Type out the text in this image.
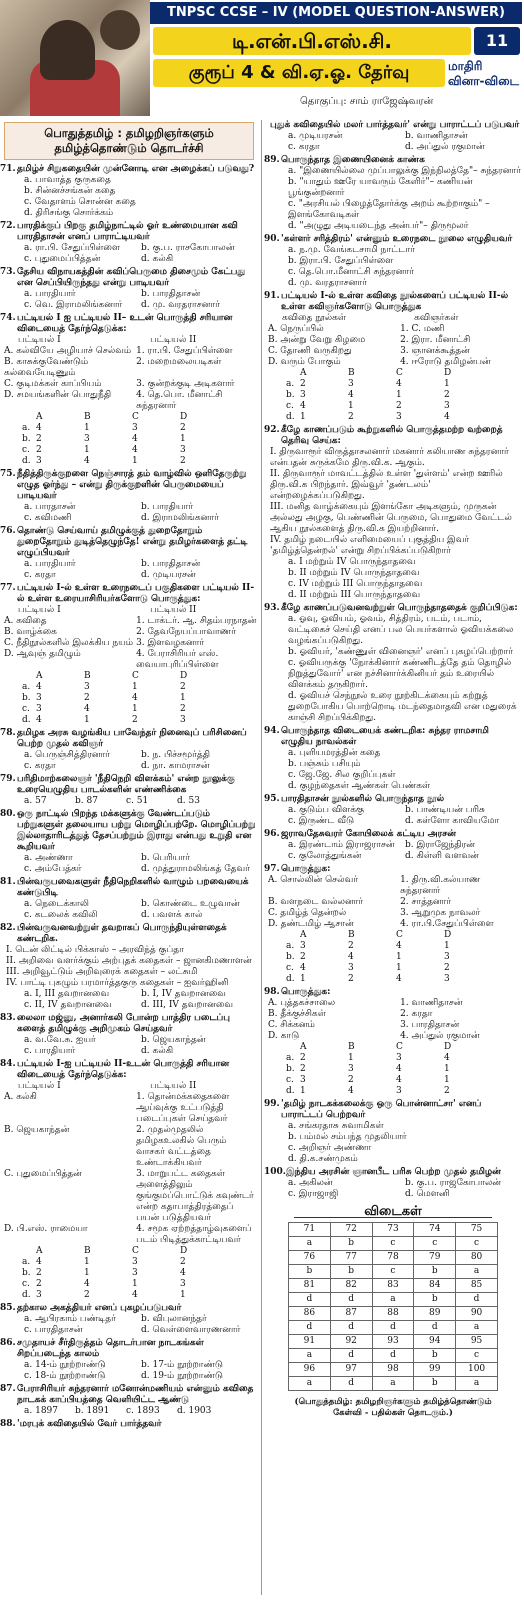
TNPSC CCSE – IV (MODEL QUESTION-ANSWER)
டி.என்.பி.எஸ்.சி.	11
குரூப் 4 & வி.ஏ.ஓ. தேர்வு	மாதிரி
வினா-விடை
தொகுப்பு: சாம் ராஜேஷ்வரன்
பொதுத்தமிழ் : தமிழறிஞர்களும் தமிழ்த்தொண்டும் தொடர்ச்சி
71. தமிழ்ச் சிறுகதையின் முன்னோடி என அழைக்கப் படுவது?
a. பாவாத்த குருகதை
b. சின்னச்சங்கன் கதை
c. வேதாளம் சொன்ன கதை
d. திரிசங்கு சொர்க்கம்
72. பாரதிக்குப் பிறகு தமிழ்நாட்டில் ஓர் உண்மையான கவி பாரதிதாசன் எனப் பாராட்டியவர்
a. ரா.பி. சேதுப்பிள்ளை	b. கு.ப. ராசகோபாலன்
c. புதுமைப்பித்தன்	d. கல்கி
73. தேசிய விநாயகத்தின் கவிப்பெருமை திசைமும் கேட்பது என செப்பியிருந்தது என்று பாடியவர்
a. பாரதியார்	b. பாரதிதாசன்
c. வெ. இராமலிங்கனார்	d. மு. வரதராசனார்
74. பட்டியல் I ஐ பட்டியல் II– உடன் பொருத்தி சரியான விடையைத் தேர்ந்தெடுக்க:
பட்டியல் I	பட்டியல் II
A. கல்வியே அழியாச் செல்வம் 1. ரா.பி. சேதுப்பிள்ளை
B. காசுக்குவேண்டும் கல்வையேடிணும்
2. மறைமலையடிகள்
C. குடிமக்கள் காப்பியம்	3. குன்றக்குடி அடிகளார்
D. சமயங்களின் பொதுநீதி	4. தெ.பொ. மீனாட்சி சுந்தரனார்
A	B	C	D
a. 4	1	3	2
b. 2	3	4	1
c. 2	1	4	3
d. 3	4	1	2
75. நீதித்திருக்குறளை நெஞ்சாரத் தம் வாழ்வில் ஒளிதேருற்று எழுத ஓர்ந்து – என்று திருக்குறளின் பெருமையைப் பாடியவர்
a. பாரதாசன்	b. பாரதியார்
c. கவிமணி	d. இராமலிங்கனார்
76. தொண்டு செய்வாய் தமிழுக்குத் துறைதோறும் துறைதோறும் துடித்தெழுந்தே! என்று தமிழர்களைத் தட்டி எழுப்பியவர்
a. பாரதியார்	b. பாரதிதாசன்
c. கரதா	d. முடியரசன்
77. பட்டியல் I-ல் உள்ள உரைநடைப் பகுதிகளை பட்டியல் II-ல் உள்ள உரையாசிரியர்களோடு பொருத்துக:
பட்டியல் I	பட்டியல் II
A. கவிதை	1. டாக்டர். ஆ. சிதம்பரநாதன்
B. வாழ்க்கை	2. தேவநேயப்பாவாணர்
C. நீதிநூல்களில் இலக்கிய நயம் 3. இளவழகனார்
D. ஆவுஞ் தமிழும்	4. பேராசிரியர் எஸ். வையாபுரிப்பிள்ளை
A	B	C	D
a. 4	3	1	2
b. 3	2	4	1
c. 3	4	1	2
d. 4	1	2	3
78. தமிழக அரசு வழங்கிய பாவேந்தர் நினைவுப் பரிசினைப் பெற்ற முதல் கவிஞர்
a. பெருஞ்சித்திரனார்	b. ந. பிச்சமூர்த்தி
c. கரதா	d. நா. காமராசன்
79. பரிதிமாற்கலைஞர் 'நீதிநெறி விளக்கம்' என்ற நூலுக்கு உரையெழுதிய பாடல்களின் எண்ணிக்கை
a. 57	b. 87	c. 51	d. 53
80. ஒரு நாட்டில் பிறந்த மக்களுக்கு வேண்டப்படும் பற்றுகளுள் தலையாய பற்று மொழிப்பற்றே. மொழிப்பற்று இல்லாதாரிடத்துத் தேசப்பற்றும் இராது என்பது உறுதி என கூறியவர்
a. அண்ணா	b. பெரியார்
c. அம்பேத்கர்	d. முத்துராமலிங்கத் தேவர்
81. பின்வருபவைகளுள் நீதிநெறிகளில் வாழும் பறவையைக் கண்டுபிடி
a. நெடைக்காலி	b. கொண்டை உழுவான்
c. கடலைக் கவிலி	d. பவளக் கால்
82. பின்வருவனவற்றுள் தவறாகப் பொருந்தியுள்ளதைக் கண்டறிக.
I. டென் லிட்டில் பிக்காஸ் – அரவிந்த் குப்தா
II. அறிவை வளர்க்கும் அற்புதக் கதைகள் – ஜானகிமணாளன்
III. அறிவூட்டும் அறிவுரைக் கதைகள் – லட்சுமி
IV. பாட்டி புகழும் பரமார்த்தகுரு கதைகள் – ஐவர்ஹினி
a. I, III தவறானவை	b. I, IV தவறானவை
c. II, IV தவறானவை	d. III, IV தவறானவை
83. லைலா மஜ்னு, அனார்கலி போன்ற பாத்திர படைப்பு களைத் தமிழுக்கு அறிமுகம் செய்தவர்
a. வ.வே.சு. ஐயர்	b. ஜெயகாந்தன்
c. பாரதியார்	d. கல்கி
84. பட்டியல் I-ஐ பட்டியல் II-உடன் பொருத்தி சரியான விடையைத் தேர்ந்தெடுக்க:
பட்டியல் I	பட்டியல் II
A. கல்கி	1. தொன்மக்கதைகளை ஆய்வுக்கு உட்படுத்தி படைப்புகள் செய்தவர்
B. ஜெயகாந்தன்	2. முதல்முதலில் தமிழகஉலகில் பெரும் வாசகர் வட்டத்தை உண்டாக்கியவர்
C. புதுமைப்பித்தன்	3. மாறுபட்ட கதைகள் அளைத்திலும் குங்குமப்பொட்டுக் கவுண்டர் என்ற கதாபாத்திரத்தைப் பயன் படுத்தியவர்
D. பி.எஸ். ராமையா	4. சமூக ஏற்றத்தாழ்வுகளைப் படம் பிடித்துக்காட்டியவர்
A	B	C	D
a. 4	1	3	2
b. 2	1	3	4
c. 2	4	1	3
d. 3	2	4	1
85. தற்கால அகத்தியர் எனப் புகழப்படுபவர்
a. ஆபிரகாம் பண்டிதர்	b. விபுலானந்தர்
c. பாரதிதாசன்	d. வெள்ளைவாரணனார்
86. சமுதாயச் சீர்திருத்தம் தொடர்பான நாடகங்கள் சிறப்படைந்த காலம்
a. 14-ம் நூற்றாண்டு	b. 17-ம் நூற்றாண்டு
c. 18-ம் நூற்றாண்டு	d. 19-ம் நூற்றாண்டு
87. பேராசிரியர் சுந்தரனார் மனோன்மணியம் என்னும் கவிதை நாடகக் காப்பியத்தை வெளியிட்ட ஆண்டு
a. 1897	b. 1891	c. 1893	d. 1903
88. 'மரபுக் கவிதையில் வேர் பார்த்தவர்
புதுக் கவிதையில் மலர் பார்த்தவர்' என்று பாராட்டப் படுபவர்
a. முடியரசன்	b. வாணிதாசன்
c. கரதா	d. அப்துல் ரகுமான்
89. பொருந்தாத இணையினைக் காண்க
a. "இணையில்லை முப்பாலுக்கு இந்நிலத்தே"– சுந்தரனார்
b. "யாதும் ஊரே யாவரும் கேளிர்"– கணியன் பூங்குன்றனார்
c. "அரசியல் பிழைத்தோர்க்கு அறம் கூற்றாகும்" – இளங்கோவடிகள்
d. "அழுது அடியடைந்த அன்பர்"– திருமூலர்
90. 'கள்ளர் சரித்திரம்' என்னும் உரைநடை நூலை எழுதியவர்
a. ந.மு. வேங்கடசாமி நாட்டார்
b. இரா.பி. சேதுப்பிள்ளை
c. தெ.பொ.மீனாட்சி சுந்தரனார்
d. மு. வரதராசனார்
91. பட்டியல் I-ல் உள்ள கவிதை நூல்களைப் பட்டியல் II-ல் உள்ள கவிஞர்களோடு பொருத்துக
கவிதை நூல்கள்	கவிஞர்கள்
A. நெருப்பில்	1. C. மணி
B. அன்று வேறு கிழமை	2. இரா. மீனாட்சி
C. தோணி வருகிறது	3. ஞானக்கூத்தன்
D. வரும் போகும்	4. ஈரோடு தமிழன்பன்
A	B	C	D
a. 2	3	4	1
b. 3	4	1	2
c. 4	1	2	3
d. 1	2	3	4
92. கீழே காணப்படும் கூற்றுகளில் பொருத்தமற்ற வற்றைத் தெரிவு செய்க:
I. திருவாரூர் விருத்தாசலனார் மகனார் கலியாண சுந்தரனார் என்பதன் சுருக்கமே திரு.வி.க. ஆகும்.
II. திருவாரூர் மாவட்டத்தில் உள்ள 'துள்ளம்' என்ற ஊரில் திரு.வி.க பிறந்தார். இவ்வூர் 'தண்டலம்' என்றழைக்கப்படுகிறது.
III. மனித வாழ்க்கையும் இளங்கோ அடிகளும், முருகன் அல்லது அழகு, பெண்ணின் பெருமை, பொதுமை வேட்டல் ஆகிய நூல்களைத் திரு.வி.க இயற்றினார்.
IV. தமிழ் நடையில் எளிமையைப் புகுத்திய இவர் 'தமிழ்த்தென்றல்' என்று சிறப்பிக்கப்படுகிறார்
a. I மற்றும் IV பொருந்தாதவை
b. II மற்றும் IV பொருந்தாதவை
c. IV மற்றும் III பொருந்தாதவை
d. II மற்றும் III பொருந்தாதவை
93. கீழே காணப்படுவனவற்றுள் பொருந்தாததைக் குறிப்பிடுக:
a. ஓவு, ஓவியம், ஓவம், சித்திரம், படம், படாம், வட்டிகைச் செய்தி எனப் பல பெயர்களால் ஓவியக்கலை வழங்கப்படுகிறது.
b. ஓவியர், 'கண்ணுள் வினைஞர்' எனப் புகழப்பெற்றார்
c. ஓவியருக்கு 'நோக்கினார் கண்ணிடத்தே தம் தொழில் நிறுத்துவோர்' என நச்சினார்க்கினியர் தம் உரையில் விளக்கம் தருகிறார்.
d. ஓவியச் செந்நூல் உரை நூற்கிடக்கையும் கற்றுத் துறைபோகிய பொற்றொடி மடந்தைமாதவி என மதுரைக் காஞ்சி சிறப்பிக்கிறது.
94. பொருந்தாத விடையைக் கண்டறிக: சுந்தர ராமசாமி எழுதிய நாவல்கள்
a. புளியமரத்தின் கதை
b. பஞ்சும் பசியும்
c. ஜே.ஜே. சில குறிப்புகள்
d. குழந்தைகள் ஆண்கள் பெண்கள்
95. பாரதிதாசன் நூல்களில் பொருந்தாத நூல்
a. குடும்ப விளக்கு	b. பாண்டியன் பரிசு
c. இருண்ட வீடு	d. கள்ளோ காவியமோ
96. ஜராவதேசுவரர் கோயிலைக் கட்டிய அரசன்
a. இரண்டாம் இராஜராசன்	b. இராஜேந்திரன்
c. குலோத்துங்கன்	d. கிள்ளி வளவன்
97. பொருத்துக:
A. சொல்லின் செல்வர்	1. திரு.வி.கல்யாண சுந்தரனார்
B. வளநடை வல்லனார்	2. சாத்தனார்
C. தமிழ்த் தென்றல்	3. ஆறுமுக நாவலர்
D. தண்டமிழ் ஆசான்	4. ரா.பி.சேதுப்பிள்ளை
A	B	C	D
a. 3	2	4	1
b. 2	4	1	3
c. 4	3	1	2
d. 1	2	4	3
98. பொருத்துக:
A. புத்தகச்சாலை	1. வாணிதாசன்
B. தீக்குச்சிகள்	2. கரதா
C. சிக்கனம்	3. பாரதிதாசன்
D. காடு	4. அப்துல் ரகுமான்
A	B	C	D
a. 2	1	3	4
b. 2	3	4	1
c. 3	2	4	1
d. 1	4	3	2
99. 'தமிழ் நாடகக்கலைக்கு ஒரு பொன்னாட்சா' எனப் பாராட்டப் பெற்றவர்
a. சங்கரதாசு சுவாமிகள்
b. பம்மல் சம்பந்த முதலியார்
c. அறிஞர் அண்ணா
d. தி.க.சண்முகம்
100. இந்திய அரசின் ஞானபீட பரிசு பெற்ற முதல் தமிழன்
a. அகிலன்	b. கு.ப. ராஜகோபாலன்
c. இராஜாஜி	d. மௌனி
விடைகள்
71	72	73	74	75
a	b	c	c	c
76	77	78	79	80
b	b	c	b	a
81	82	83	84	85
d	d	a	b	d
86	87	88	89	90
d	d	d	d	a
91	92	93	94	95
a	d	d	b	c
96	97	98	99	100
a	d	a	b	a
(பொதுத்தமிழ்: தமிழறிஞர்களும் தமிழ்த்தொண்டும்
கேள்வி - பதில்கள் தொடரும்.)
